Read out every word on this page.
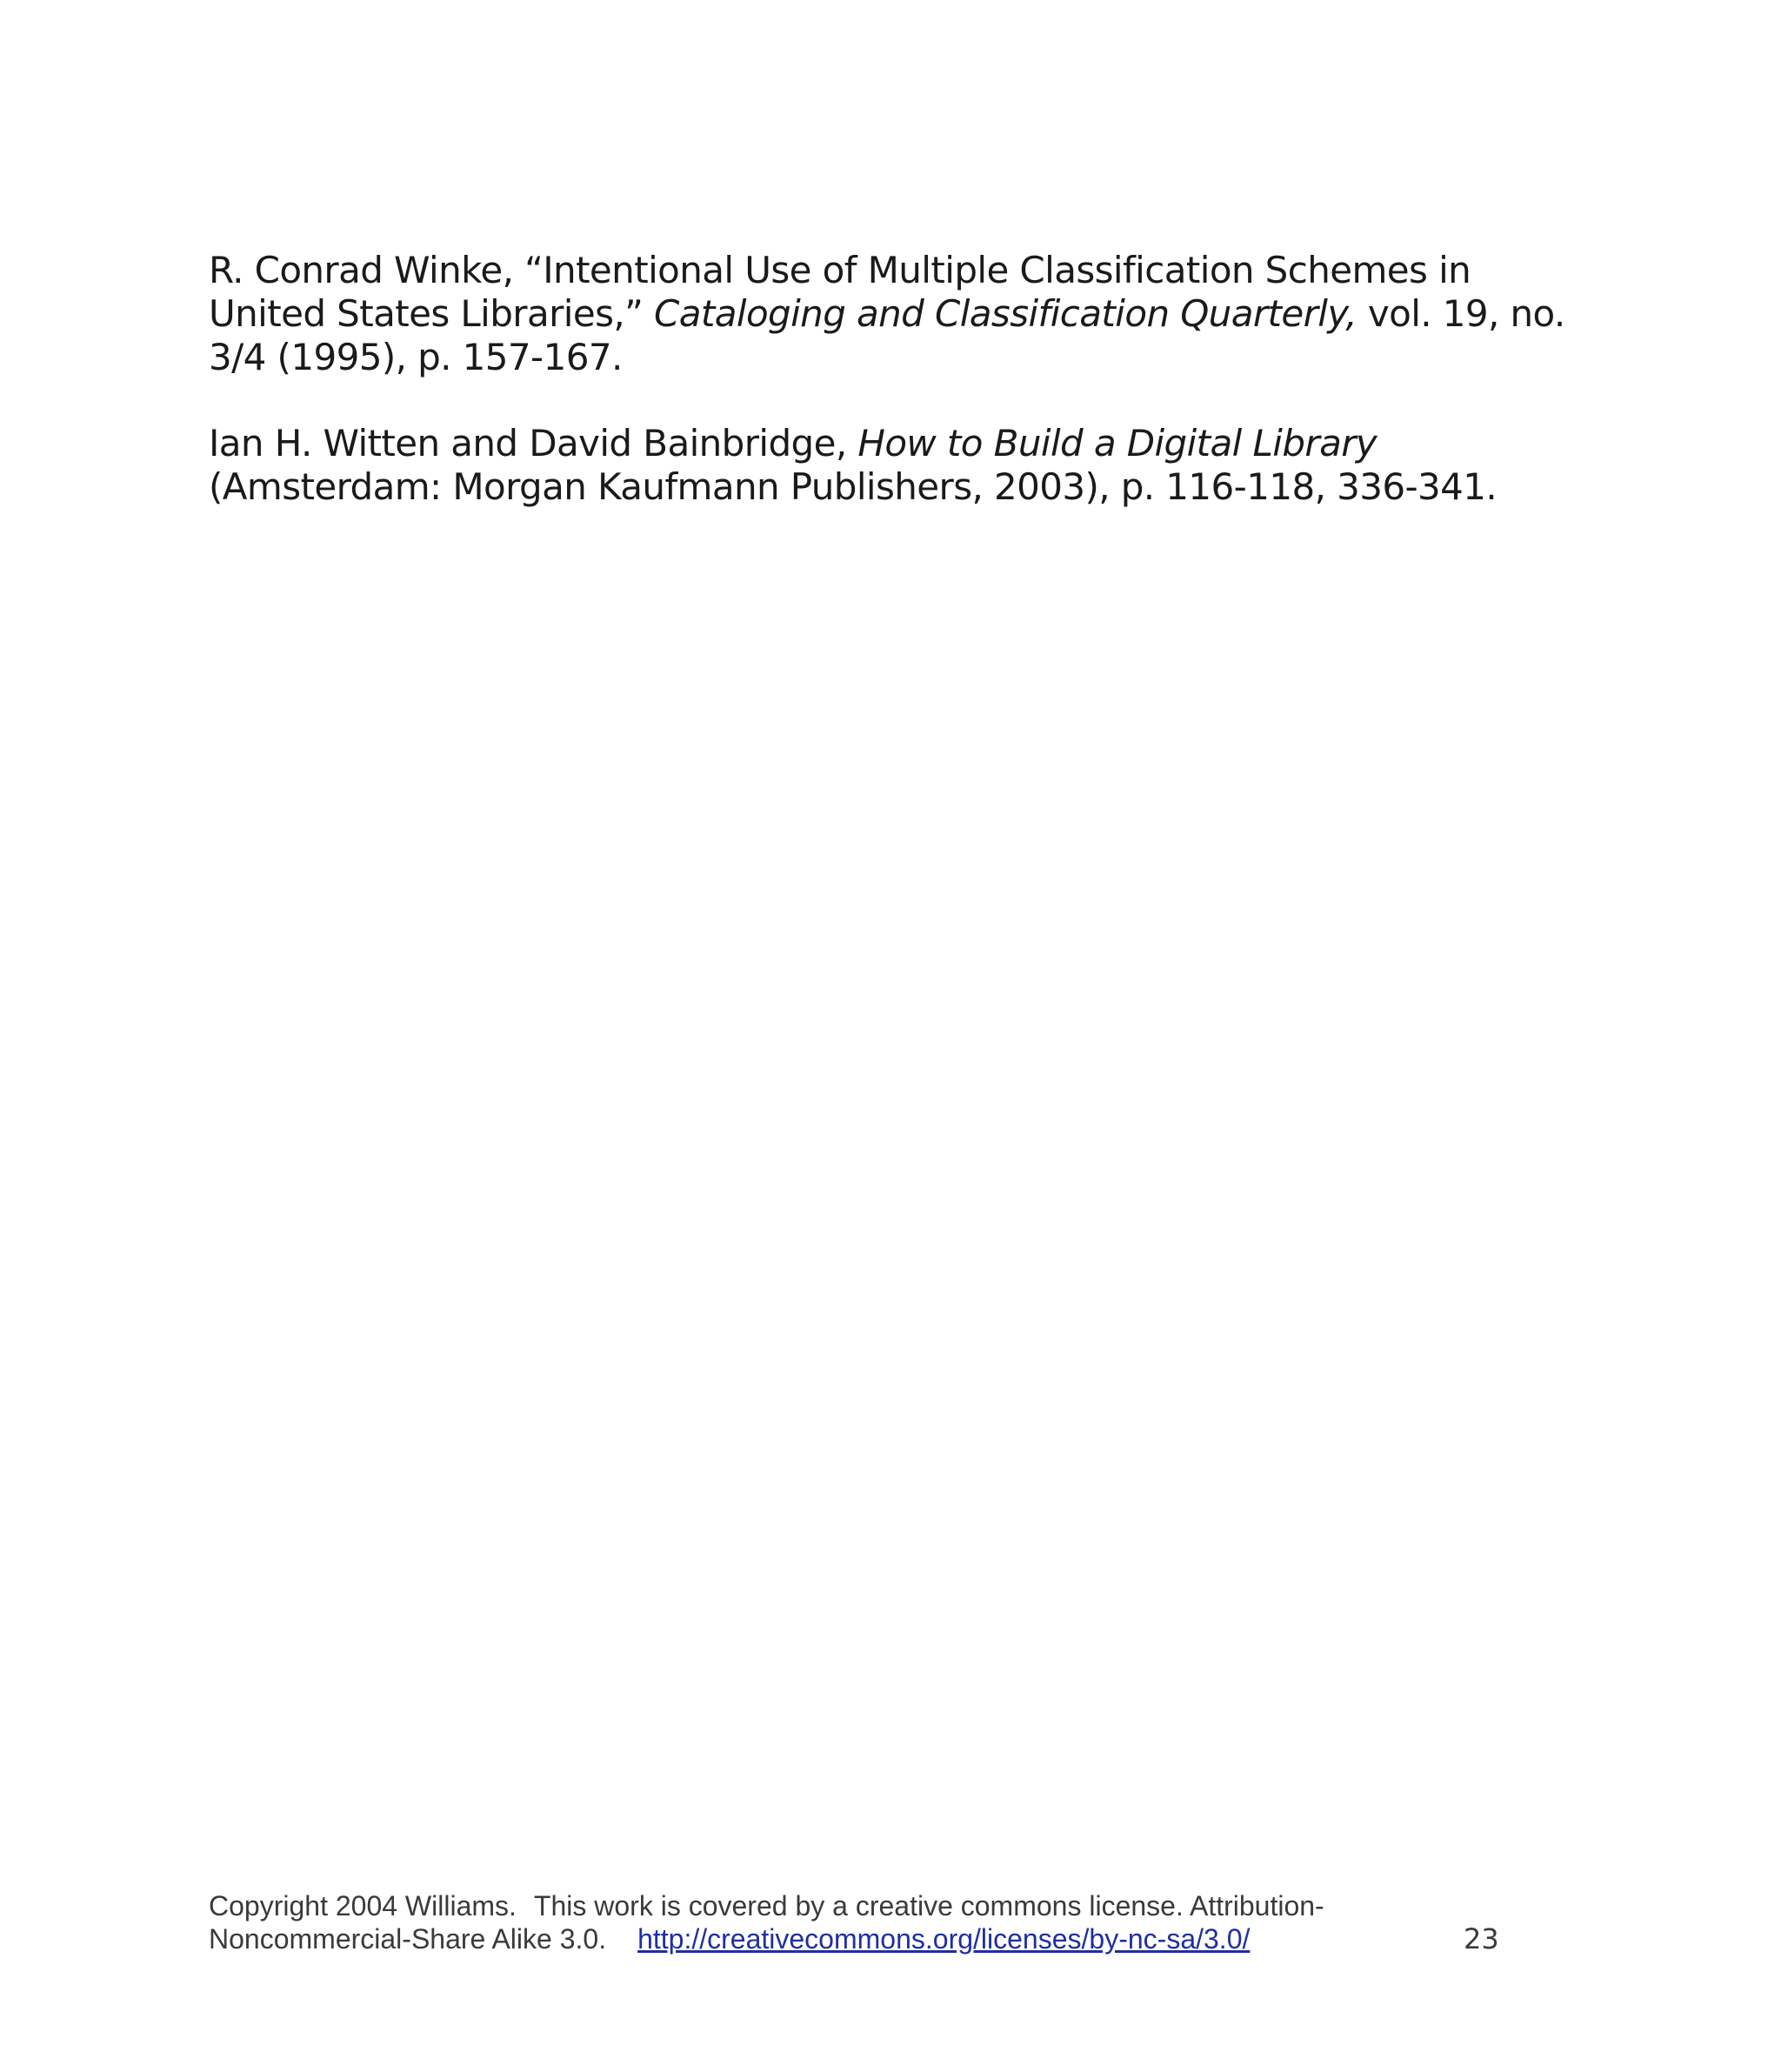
R. Conrad Winke, “Intentional Use of Multiple Classification Schemes in United States Libraries,” Cataloging and Classification Quarterly, vol. 19, no. 3/4 (1995), p. 157-167.

Ian H. Witten and David Bainbridge, How to Build a Digital Library (Amsterdam: Morgan Kaufmann Publishers, 2003), p. 116-118, 336-341.

Copyright 2004 Williams. This work is covered by a creative commons license. Attribution-
Noncommercial-Share Alike 3.0. http://creativecommons.org/licenses/by-nc-sa/3.0/	23
